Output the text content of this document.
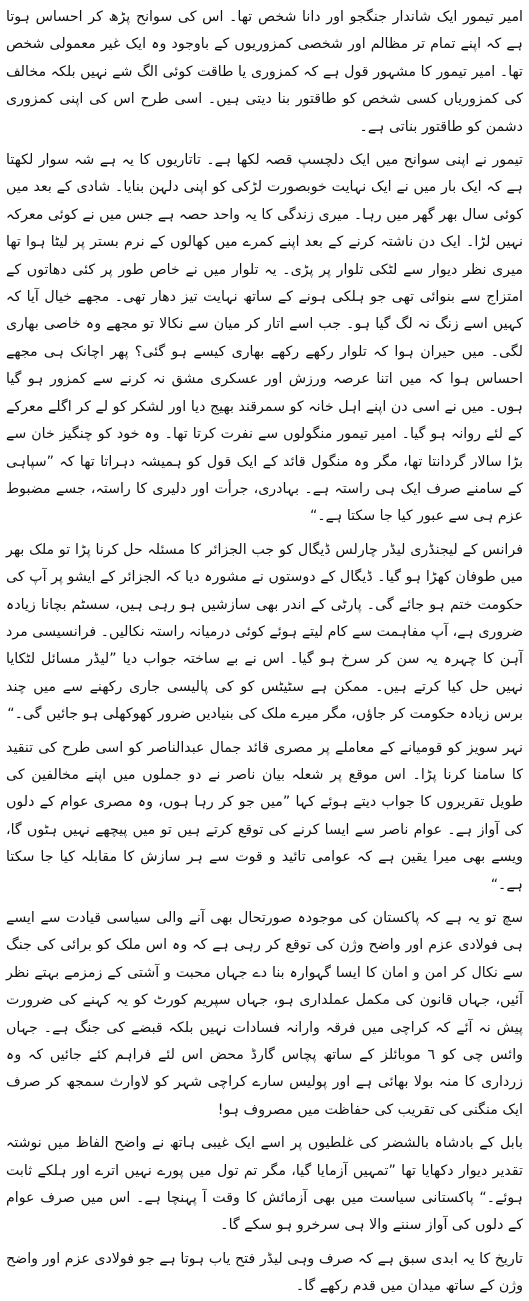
امیر تیمور ایک شاندار جنگجو اور دانا شخص تھا۔ اس کی سوانح پڑھ کر احساس ہوتا ہے کہ اپنے تمام تر مظالم اور شخصی کمزوریوں کے باوجود وہ ایک غیر معمولی شخص تھا۔ امیر تیمور کا مشہور قول ہے کہ کمزوری یا طاقت کوئی الگ شے نہیں بلکہ مخالف کی کمزوریاں کسی شخص کو طاقتور بنا دیتی ہیں۔ اسی طرح اس کی اپنی کمزوری دشمن کو طاقتور بناتی ہے۔

تیمور نے اپنی سوانح میں ایک دلچسپ قصہ لکھا ہے۔ تاتاریوں کا یہ ہے شہ سوار لکھتا ہے کہ ایک بار میں نے ایک نہایت خوبصورت لڑکی کو اپنی دلہن بنایا۔ شادی کے بعد میں کوئی سال بھر گھر میں رہا۔ میری زندگی کا یہ واحد حصہ ہے جس میں نے کوئی معرکہ نہیں لڑا۔ ایک دن ناشتہ کرنے کے بعد اپنے کمرے میں کھالوں کے نرم بستر پر لیٹا ہوا تھا میری نظر دیوار سے لٹکی تلوار پر پڑی۔ یہ تلوار میں نے خاص طور پر کئی دھاتوں کے امتزاج سے بنوائی تھی جو ہلکی ہونے کے ساتھ نہایت تیز دھار تھی۔ مجھے خیال آیا کہ کہیں اسے زنگ نہ لگ گیا ہو۔ جب اسے اتار کر میان سے نکالا تو مجھے وہ خاصی بھاری لگی۔ میں حیران ہوا کہ تلوار رکھے رکھے بھاری کیسے ہو گئی؟ پھر اچانک ہی مجھے احساس ہوا کہ میں اتنا عرصہ ورزش اور عسکری مشق نہ کرنے سے کمزور ہو گیا ہوں۔ میں نے اسی دن اپنے اہل خانہ کو سمرقند بھیج دیا اور لشکر کو لے کر اگلے معرکے کے لئے روانہ ہو گیا۔ امیر تیمور منگولوں سے نفرت کرتا تھا۔ وہ خود کو چنگیز خان سے بڑا سالار گردانتا تھا، مگر وہ منگول قائد کے ایک قول کو ہمیشہ دہراتا تھا کہ ”سپاہی کے سامنے صرف ایک ہی راستہ ہے۔ بہادری، جرأت اور دلیری کا راستہ، جسے مضبوط عزم ہی سے عبور کیا جا سکتا ہے۔“

فرانس کے لیجنڈری لیڈر چارلس ڈیگال کو جب الجزائر کا مسئلہ حل کرنا پڑا تو ملک بھر میں طوفان کھڑا ہو گیا۔ ڈیگال کے دوستوں نے مشورہ دیا کہ الجزائر کے ایشو پر آپ کی حکومت ختم ہو جائے گی۔ پارٹی کے اندر بھی سازشیں ہو رہی ہیں، سسٹم بچانا زیادہ ضروری ہے، آپ مفاہمت سے کام لیتے ہوئے کوئی درمیانہ راستہ نکالیں۔ فرانسیسی مرد آہن کا چہرہ یہ سن کر سرخ ہو گیا۔ اس نے بے ساختہ جواب دیا ”لیڈر مسائل لٹکایا نہیں حل کیا کرتے ہیں۔ ممکن ہے سٹیٹس کو کی پالیسی جاری رکھنے سے میں چند برس زیادہ حکومت کر جاؤں، مگر میرے ملک کی بنیادیں ضرور کھوکھلی ہو جائیں گی۔“

نہر سویز کو قومیانے کے معاملے پر مصری قائد جمال عبدالناصر کو اسی طرح کی تنقید کا سامنا کرنا پڑا۔ اس موقع پر شعلہ بیان ناصر نے دو جملوں میں اپنے مخالفین کی طویل تقریروں کا جواب دیتے ہوئے کہا ”میں جو کر رہا ہوں، وہ مصری عوام کے دلوں کی آواز ہے۔ عوام ناصر سے ایسا کرنے کی توقع کرتے ہیں تو میں پیچھے نہیں ہٹوں گا، ویسے بھی میرا یقین ہے کہ عوامی تائید و قوت سے ہر سازش کا مقابلہ کیا جا سکتا ہے۔“

سچ تو یہ ہے کہ پاکستان کی موجودہ صورتحال بھی آنے والی سیاسی قیادت سے ایسے ہی فولادی عزم اور واضح وژن کی توقع کر رہی ہے کہ وہ اس ملک کو برائی کی جنگ سے نکال کر امن و امان کا ایسا گہوارہ بنا دے جہاں محبت و آشتی کے زمزمے بہتے نظر آئیں، جہاں قانون کی مکمل عملداری ہو، جہاں سپریم کورٹ کو یہ کہنے کی ضرورت پیش نہ آئے کہ کراچی میں فرقہ وارانہ فسادات نہیں بلکہ قبضے کی جنگ ہے۔ جہاں وائس چی کو ٦ موبائلز کے ساتھ پچاس گارڈ محض اس لئے فراہم کئے جائیں کہ وہ زرداری کا منہ بولا بھائی ہے اور پولیس سارے کراچی شہر کو لاوارث سمجھ کر صرف ایک منگنی کی تقریب کی حفاظت میں مصروف ہو!

بابل کے بادشاہ بالشضر کی غلطیوں پر اسے ایک غیبی ہاتھ نے واضح الفاظ میں نوشتہ تقدیر دیوار دکھایا تھا ”تمہیں آزمایا گیا، مگر تم تول میں پورے نہیں اترے اور ہلکے ثابت ہوئے۔“ پاکستانی سیاست میں بھی آزمائش کا وقت آ پہنچا ہے۔ اس میں صرف عوام کے دلوں کی آواز سننے والا ہی سرخرو ہو سکے گا۔

تاریخ کا یہ ابدی سبق ہے کہ صرف وہی لیڈر فتح یاب ہوتا ہے جو فولادی عزم اور واضح وژن کے ساتھ میدان میں قدم رکھے گا۔
